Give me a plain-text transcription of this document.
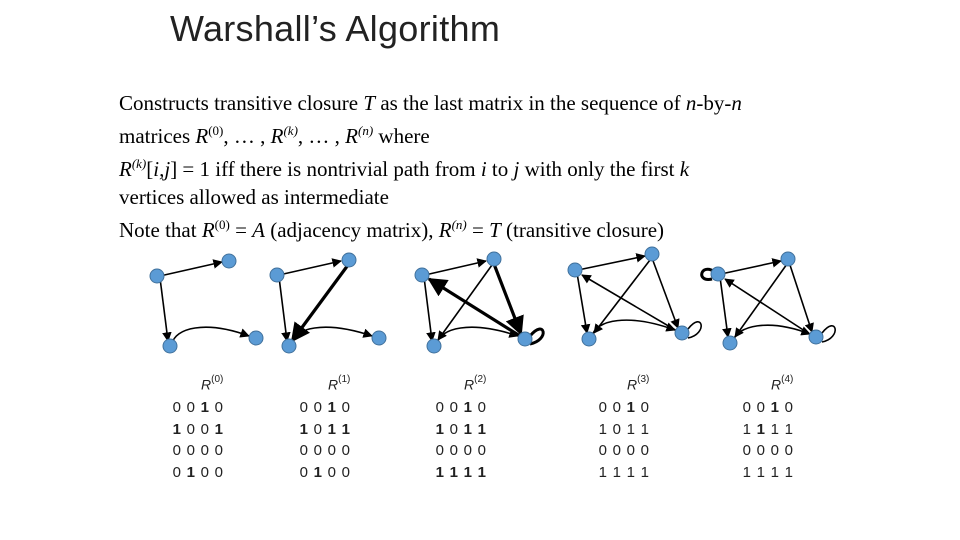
Warshall’s Algorithm
Constructs transitive closure T as the last matrix in the sequence of n-by-n
matrices $R^{(0)}$, … , $R^{(k)}$, … , $R^{(n)}$ where
$R^{(k)}[i,j] = 1$ iff there is nontrivial path from i to j with only the first k
vertices allowed as intermediate
Note that $R^{(0)} = A$ (adjacency matrix), $R^{(n)} = T$ (transitive closure)
$R^{(0)}$
0 0 1 0
1 0 0 1
0 0 0 0
0 1 0 0
$R^{(1)}$
0 0 1 0
1 0 1 1
0 0 0 0
0 1 0 0
$R^{(2)}$
0 0 1 0
1 0 1 1
0 0 0 0
1 1 1 1
$R^{(3)}$
0 0 1 0
1 0 1 1
0 0 0 0
1 1 1 1
$R^{(4)}$
0 0 1 0
1 1 1 1
0 0 0 0
1 1 1 1
